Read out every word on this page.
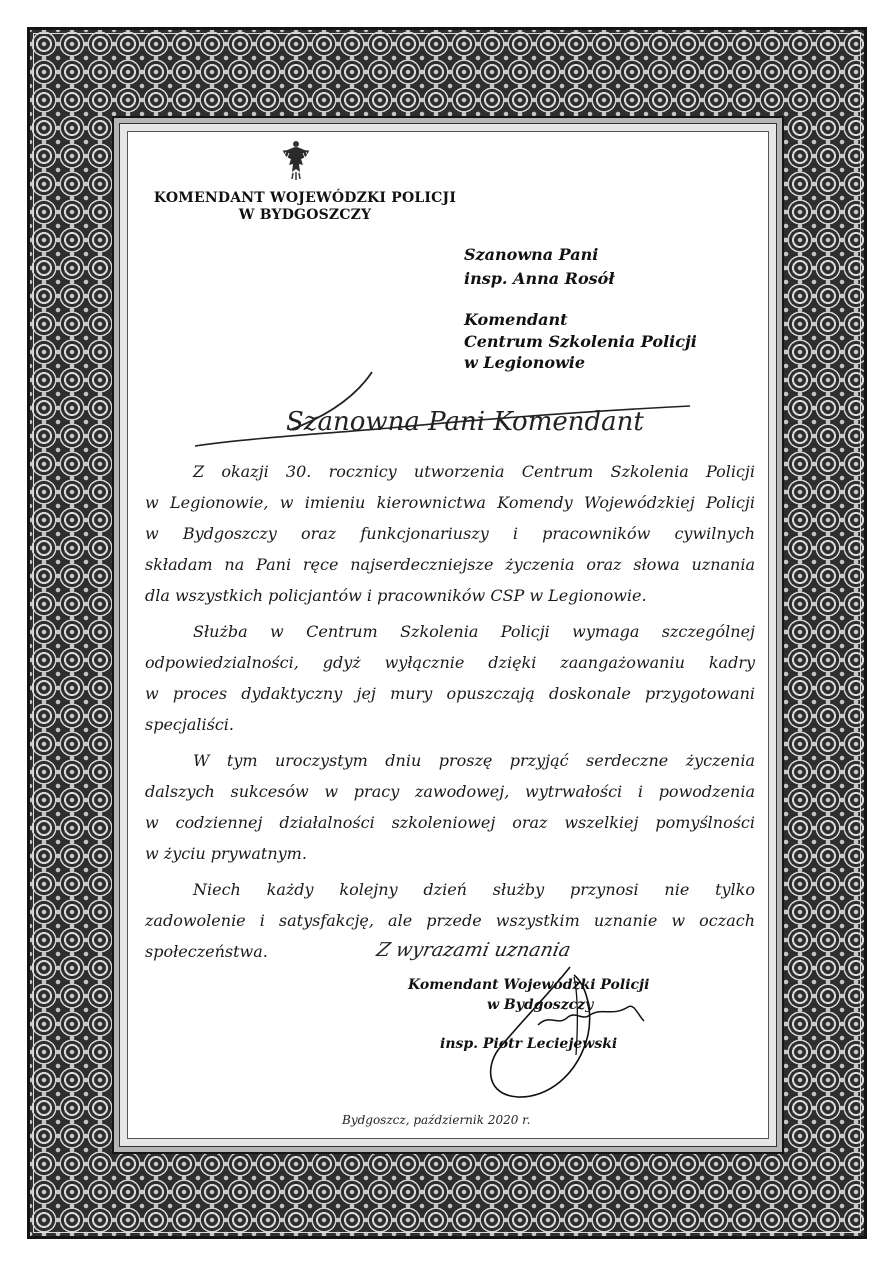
KOMENDANT WOJEWÓDZKI POLICJI
W BYDGOSZCZY
Szanowna Pani
insp. Anna Rosół
Komendant
Centrum Szkolenia Policji
w Legionowie
Szanowna Pani Komendant
Z okazji 30. rocznicy utworzenia Centrum Szkolenia Policji
w Legionowie, w imieniu kierownictwa Komendy Wojewódzkiej Policji
w Bydgoszczy oraz funkcjonariuszy i pracowników cywilnych
składam na Pani ręce najserdeczniejsze życzenia oraz słowa uznania
dla wszystkich policjantów i pracowników CSP w Legionowie.
Służba w Centrum Szkolenia Policji wymaga szczególnej
odpowiedzialności, gdyż wyłącznie dzięki zaangażowaniu kadry
w proces dydaktyczny jej mury opuszczają doskonale przygotowani
specjaliści.
W tym uroczystym dniu proszę przyjąć serdeczne życzenia
dalszych sukcesów w pracy zawodowej, wytrwałości i powodzenia
w codziennej działalności szkoleniowej oraz wszelkiej pomyślności
w życiu prywatnym.
Niech każdy kolejny dzień służby przynosi nie tylko
zadowolenie i satysfakcję, ale przede wszystkim uznanie w oczach
społeczeństwa.	Z wyrazami uznania
Komendant Wojewódzki Policji
w Bydgoszczy
insp. Piotr Leciejewski
Bydgoszcz, październik 2020 r.
